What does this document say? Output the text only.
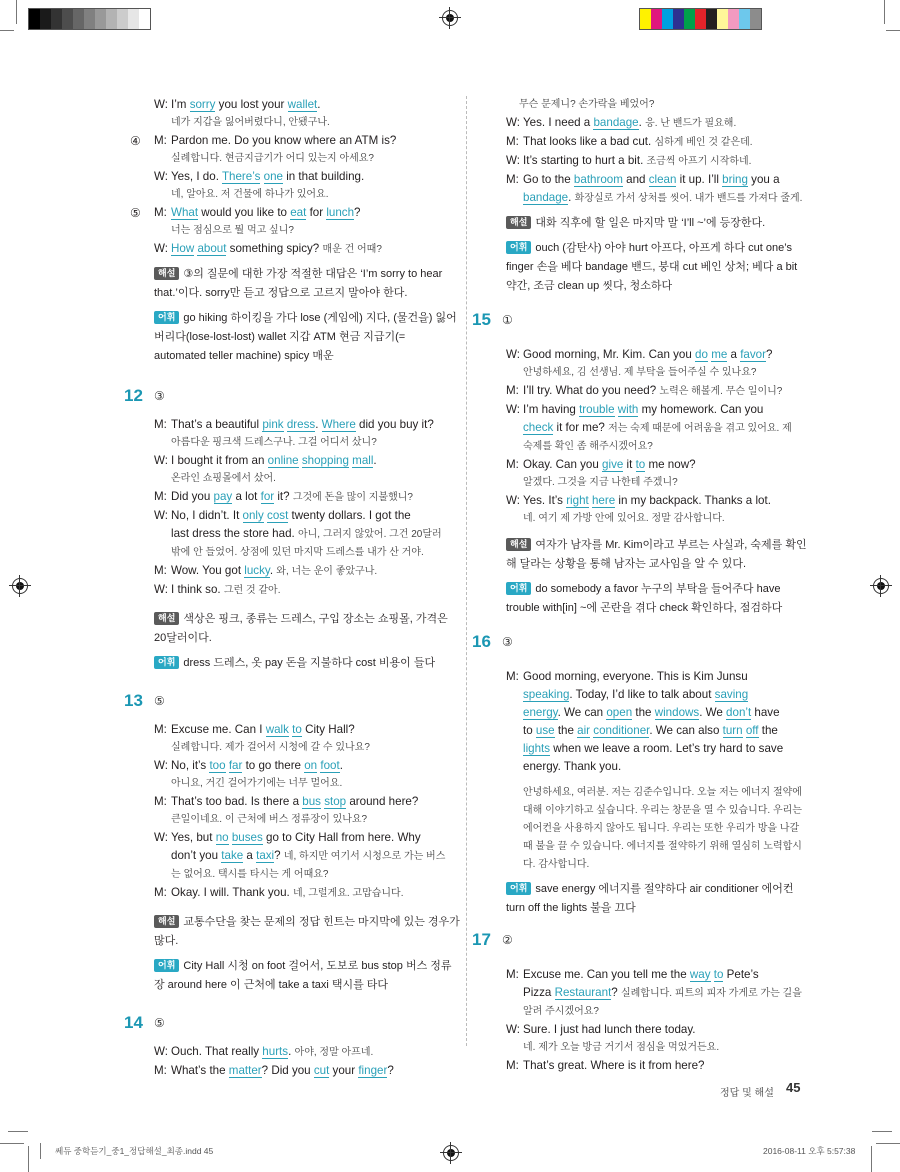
W: I’m sorry you lost your wallet.
네가 지갑을 잃어버렸다니, 안됐구나.
④ M: Pardon me. Do you know where an ATM is?
실례합니다. 현금지급기가 어디 있는지 아세요?
W: Yes, I do. There’s one in that building.
네, 알아요. 저 건물에 하나가 있어요.
⑤ M: What would you like to eat for lunch?
너는 점심으로 뭘 먹고 싶니?
W: How about something spicy? 매운 건 어때?
해설 ③의 질문에 대한 가장 적절한 대답은 ‘I’m sorry to hear that.’이다. sorry만 듣고 정답으로 고르지 말아야 한다.
어휘 go hiking 하이킹을 가다 lose (게임에) 지다, (물건을) 잃어버리다(lose-lost-lost) wallet 지갑 ATM 현금 지급기(= automated teller machine) spicy 매운
12 ③
M: That’s a beautiful pink dress. Where did you buy it?
아름다운 핑크색 드레스구나. 그걸 어디서 샀니?
W: I bought it from an online shopping mall.
온라인 쇼핑몰에서 샀어.
M: Did you pay a lot for it? 그것에 돈을 많이 지불했니?
W: No, I didn’t. It only cost twenty dollars. I got the
last dress the store had. 아니, 그러지 않았어. 그건 20달러
밖에 안 들었어. 상점에 있던 마지막 드레스를 내가 산 거야.
M: Wow. You got lucky. 와, 너는 운이 좋았구나.
W: I think so. 그런 것 같아.
해설 색상은 핑크, 종류는 드레스, 구입 장소는 쇼핑몰, 가격은 20달러이다.
어휘 dress 드레스, 옷 pay 돈을 지불하다 cost 비용이 들다
13 ⑤
M: Excuse me. Can I walk to City Hall?
실례합니다. 제가 걸어서 시청에 갈 수 있나요?
W: No, it’s too far to go there on foot.
아니요, 거긴 걸어가기에는 너무 멀어요.
M: That’s too bad. Is there a bus stop around here?
큰일이네요. 이 근처에 버스 정류장이 있나요?
W: Yes, but no buses go to City Hall from here. Why
don’t you take a taxi? 네, 하지만 여기서 시청으로 가는 버스
는 없어요. 택시를 타시는 게 어때요?
M: Okay. I will. Thank you. 네, 그럴게요. 고맙습니다.
해설 교통수단을 찾는 문제의 정답 힌트는 마지막에 있는 경우가 많다.
어휘 City Hall 시청 on foot 걸어서, 도보로 bus stop 버스 정류장 around here 이 근처에 take a taxi 택시를 타다
14 ⑤
W: Ouch. That really hurts. 아야, 정말 아프네.
M: What’s the matter? Did you cut your finger?
무슨 문제니? 손가락을 베었어?
W: Yes. I need a bandage. 응. 난 밴드가 필요해.
M: That looks like a bad cut. 심하게 베인 것 같은데.
W: It’s starting to hurt a bit. 조금씩 아프기 시작하네.
M: Go to the bathroom and clean it up. I’ll bring you a
bandage. 화장실로 가서 상처를 씻어. 내가 밴드를 가져다 줄게.
해설 대화 직후에 할 일은 마지막 말 ‘I’ll ~’에 등장한다.
어휘 ouch (감탄사) 아야 hurt 아프다, 아프게 하다 cut one’s finger 손을 베다 bandage 밴드, 붕대 cut 베인 상처; 베다 a bit 약간, 조금 clean up 씻다, 청소하다
15 ①
W: Good morning, Mr. Kim. Can you do me a favor?
안녕하세요, 김 선생님. 제 부탁을 들어주실 수 있나요?
M: I’ll try. What do you need? 노력은 해볼게. 무슨 일이니?
W: I’m having trouble with my homework. Can you
check it for me? 저는 숙제 때문에 어려움을 겪고 있어요. 제
숙제를 확인 좀 해주시겠어요?
M: Okay. Can you give it to me now?
알겠다. 그것을 지금 나한테 주겠니?
W: Yes. It’s right here in my backpack. Thanks a lot.
네. 여기 제 가방 안에 있어요. 정말 감사합니다.
해설 여자가 남자를 Mr. Kim이라고 부르는 사실과, 숙제를 확인해 달라는 상황을 통해 남자는 교사임을 알 수 있다.
어휘 do somebody a favor 누구의 부탁을 들어주다 have trouble with[in] ~에 곤란을 겪다 check 확인하다, 점검하다
16 ③
M: Good morning, everyone. This is Kim Junsu
speaking. Today, I’d like to talk about saving
energy. We can open the windows. We don’t have
to use the air conditioner. We can also turn off the
lights when we leave a room. Let’s try hard to save
energy. Thank you.
안녕하세요, 여러분. 저는 김준수입니다. 오늘 저는 에너지 절약에
대해 이야기하고 싶습니다. 우리는 창문을 열 수 있습니다. 우리는
에어컨을 사용하지 않아도 됩니다. 우리는 또한 우리가 방을 나갈
때 불을 끌 수 있습니다. 에너지를 절약하기 위해 열심히 노력합시
다. 감사합니다.
어휘 save energy 에너지를 절약하다 air conditioner 에어컨 turn off the lights 불을 끄다
17 ②
M: Excuse me. Can you tell me the way to Pete’s
Pizza Restaurant? 실례합니다. 피트의 피자 가게로 가는 길을
알려 주시겠어요?
W: Sure. I just had lunch there today.
네. 제가 오늘 방금 거기서 점심을 먹었거든요.
M: That’s great. Where is it from here?
정답 및 해설 45
쎄듀 중학듣기_중1_정답해설_최종.indd 45	2016-08-11 오후 5:57:38
